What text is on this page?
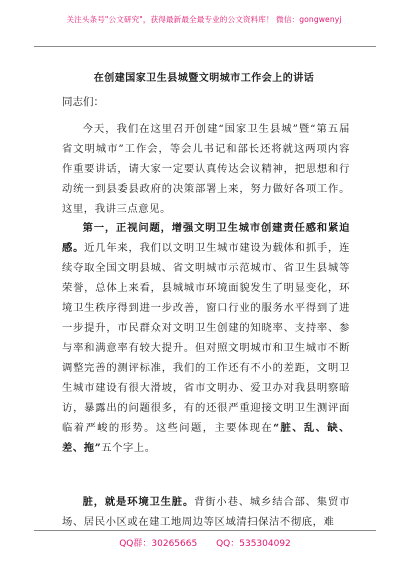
关注头条号"公文研究"，获得最新最全最专业的公文资料库！ 微信：gongwenyj
在创建国家卫生县城暨文明城市工作会上的讲话
同志们：
今天，我们在这里召开创建“国家卫生县城”暨“第五届省文明城市”工作会，等会儿书记和部长还将就这两项内容作重要讲话，请大家一定要认真传达会议精神，把思想和行动统一到县委县政府的决策部署上来，努力做好各项工作。这里，我讲三点意见。
第一，正视问题，增强文明卫生城市创建责任感和紧迫感。近几年来，我们以文明卫生城市建设为载体和抓手，连续夺取全国文明县城、省文明城市示范城市、省卫生县城等荣誉，总体上来看，县城城市环境面貌发生了明显变化，环境卫生秩序得到进一步改善，窗口行业的服务水平得到了进一步提升，市民群众对文明卫生创建的知晓率、支持率、参与率和满意率有较大提升。但对照文明城市和卫生城市不断调整完善的测评标准，我们的工作还有不小的差距，文明卫生城市建设有很大滑坡，省市文明办、爱卫办对我县明察暗访，暴露出的问题很多，有的还很严重迎接文明卫生测评面临着严峻的形势。这些问题，主要体现在“脏、乱、缺、差、拖”五个字上。
脏，就是环境卫生脏。背街小巷、城乡结合部、集贸市场、居民小区或在建工地周边等区域清扫保洁不彻底，难
QQ群：30265665 QQ：535304092
